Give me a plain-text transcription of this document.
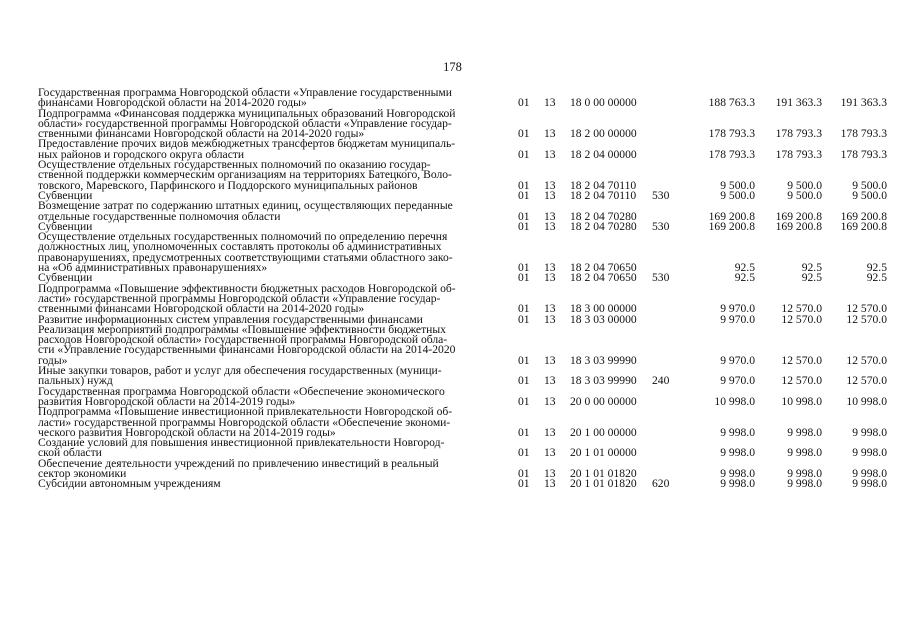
178
Государственная программа Новгородской области «Управление государственными
финансами Новгородской области на 2014-2020 годы»	01	13	18 0 00 00000		188 763.3	191 363.3	191 363.3

Подпрограмма «Финансовая поддержка муниципальных образований Новгородской
области» государственной программы Новгородской области «Управление государ-
ственными финансами Новгородской области на 2014-2020 годы»	01	13	18 2 00 00000		178 793.3	178 793.3	178 793.3

Предоставление прочих видов межбюджетных трансфертов бюджетам муниципаль-
ных районов и городского округа области	01	13	18 2 04 00000		178 793.3	178 793.3	178 793.3

Осуществление отдельных государственных полномочий по оказанию государ-
ственной поддержки коммерческим организациям на территориях Батецкого, Воло-
товского, Маревского, Парфинского и Поддорского муниципальных районов	01	13	18 2 04 70110		9 500.0	9 500.0	9 500.0

Субвенции	01	13	18 2 04 70110	530	9 500.0	9 500.0	9 500.0

Возмещение затрат по содержанию штатных единиц, осуществляющих переданные
отдельные государственные полномочия области	01	13	18 2 04 70280		169 200.8	169 200.8	169 200.8

Субвенции	01	13	18 2 04 70280	530	169 200.8	169 200.8	169 200.8

Осуществление отдельных государственных полномочий по определению перечня
должностных лиц, уполномоченных составлять протоколы об административных
правонарушениях, предусмотренных соответствующими статьями областного зако-
на «Об административных правонарушениях»	01	13	18 2 04 70650		92.5	92.5	92.5

Субвенции	01	13	18 2 04 70650	530	92.5	92.5	92.5

Подпрограмма «Повышение эффективности бюджетных расходов Новгородской об-
ласти» государственной программы Новгородской области «Управление государ-
ственными финансами Новгородской области на 2014-2020 годы»	01	13	18 3 00 00000		9 970.0	12 570.0	12 570.0

Развитие информационных систем управления государственными финансами	01	13	18 3 03 00000		9 970.0	12 570.0	12 570.0

Реализация мероприятий подпрограммы «Повышение эффективности бюджетных
расходов Новгородской области» государственной программы Новгородской обла-
сти «Управление государственными финансами Новгородской области на 2014-2020
годы»	01	13	18 3 03 99990		9 970.0	12 570.0	12 570.0

Иные закупки товаров, работ и услуг для обеспечения государственных (муници-
пальных) нужд	01	13	18 3 03 99990	240	9 970.0	12 570.0	12 570.0

Государственная программа Новгородской области «Обеспечение экономического
развития Новгородской области на 2014-2019 годы»	01	13	20 0 00 00000		10 998.0	10 998.0	10 998.0

Подпрограмма «Повышение инвестиционной привлекательности Новгородской об-
ласти» государственной программы Новгородской области «Обеспечение экономи-
ческого развития Новгородской области на 2014-2019 годы»	01	13	20 1 00 00000		9 998.0	9 998.0	9 998.0

Создание условий для повышения инвестиционной привлекательности Новгород-
ской области	01	13	20 1 01 00000		9 998.0	9 998.0	9 998.0

Обеспечение деятельности учреждений по привлечению инвестиций в реальный
сектор экономики	01	13	20 1 01 01820		9 998.0	9 998.0	9 998.0

Субсидии автономным учреждениям	01	13	20 1 01 01820	620	9 998.0	9 998.0	9 998.0
